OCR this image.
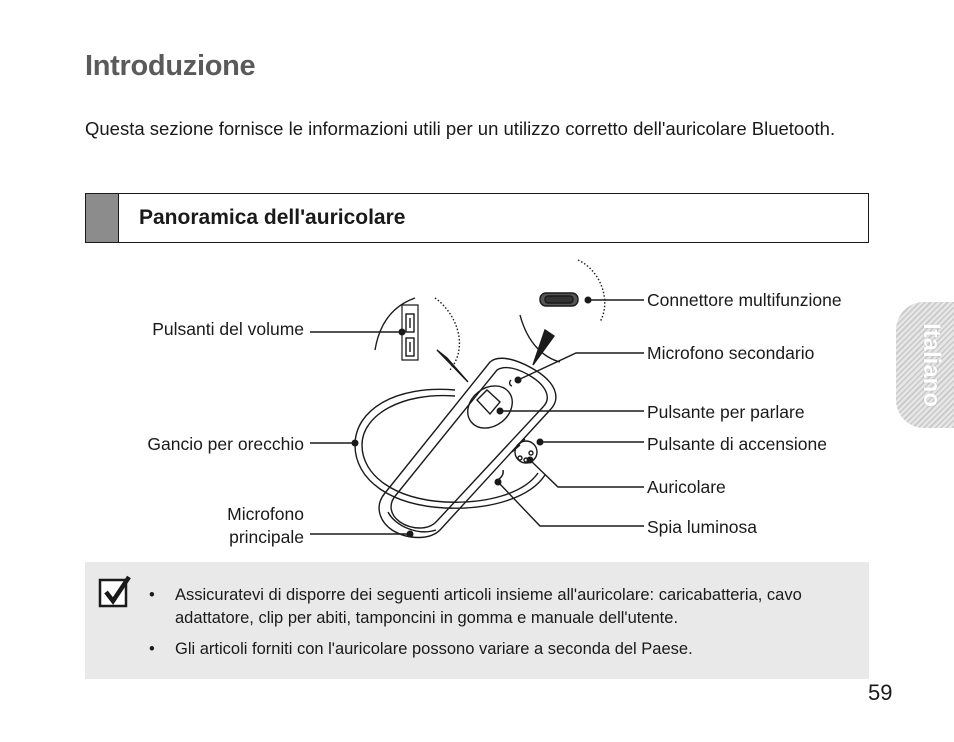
Introduzione
Questa sezione fornisce le informazioni utili per un utilizzo corretto dell'auricolare Bluetooth.
Panoramica dell'auricolare
Italiano
Pulsanti del volume
Gancio per orecchio
Microfono
principale
Connettore multifunzione
Microfono secondario
Pulsante per parlare
Pulsante di accensione
Auricolare
Spia luminosa
• Assicuratevi di disporre dei seguenti articoli insieme all'auricolare: caricabatteria, cavo adattatore, clip per abiti, tamponcini in gomma e manuale dell'utente.
• Gli articoli forniti con l'auricolare possono variare a seconda del Paese.
59
